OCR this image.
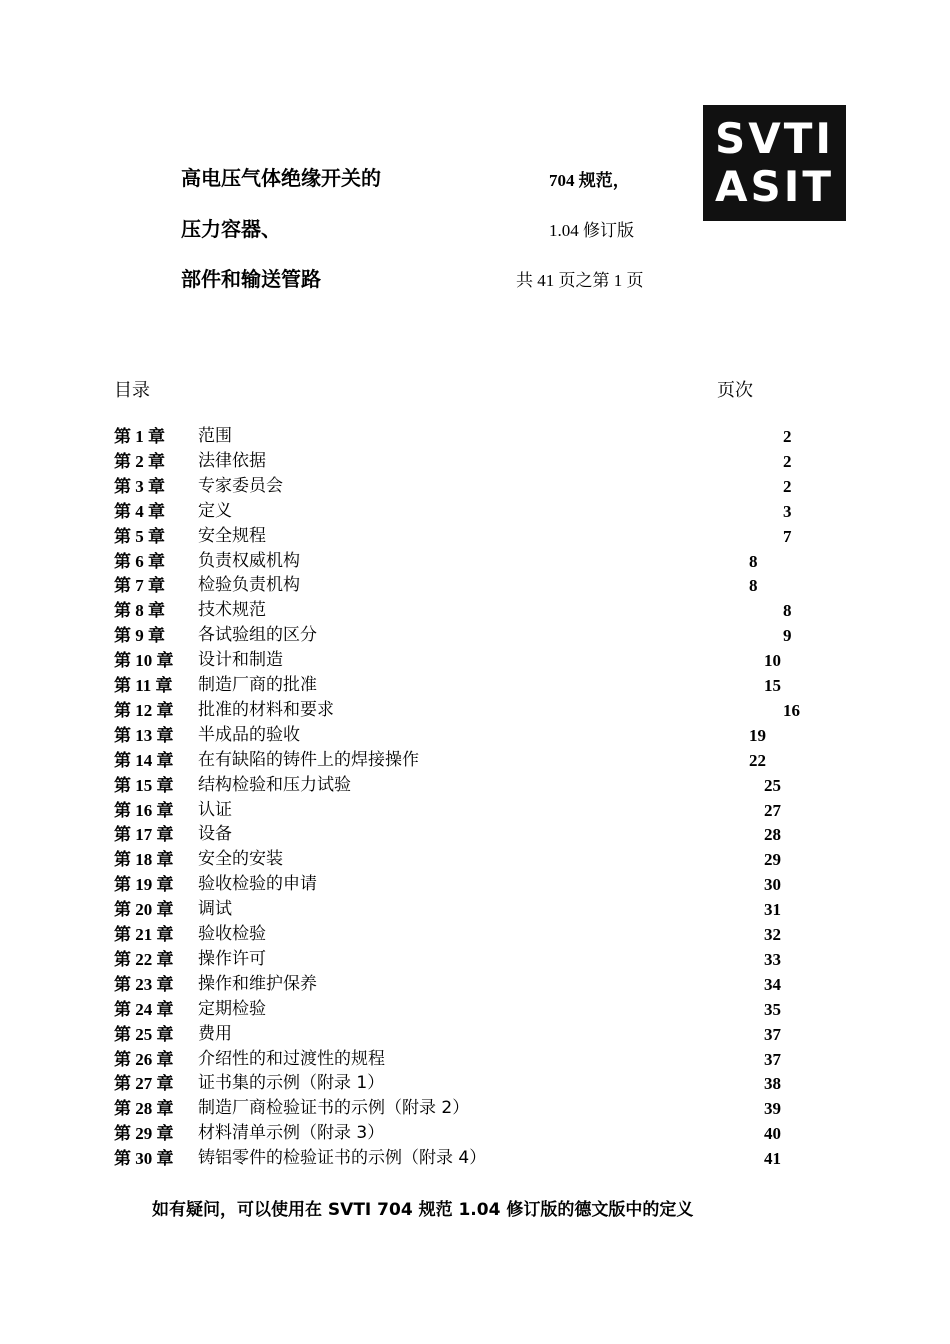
高电压气体绝缘开关的
压力容器、
部件和输送管路
704 规范，
1.04 修订版
共 41 页之第 1 页
SVTI
ASIT
目录	页次
第 1 章 范围	2
第 2 章 法律依据	2
第 3 章 专家委员会	2
第 4 章 定义	3
第 5 章 安全规程	7
第 6 章 负责权威机构	8
第 7 章 检验负责机构	8
第 8 章 技术规范	8
第 9 章 各试验组的区分	9
第 10 章 设计和制造	10
第 11 章 制造厂商的批准	15
第 12 章 批准的材料和要求	16
第 13 章 半成品的验收	19
第 14 章 在有缺陷的铸件上的焊接操作	22
第 15 章 结构检验和压力试验	25
第 16 章 认证	27
第 17 章 设备	28
第 18 章 安全的安装	29
第 19 章 验收检验的申请	30
第 20 章 调试	31
第 21 章 验收检验	32
第 22 章 操作许可	33
第 23 章 操作和维护保养	34
第 24 章 定期检验	35
第 25 章 费用	37
第 26 章 介绍性的和过渡性的规程	37
第 27 章 证书集的示例（附录 1）	38
第 28 章 制造厂商检验证书的示例（附录 2）	39
第 29 章 材料清单示例（附录 3）	40
第 30 章 铸铝零件的检验证书的示例（附录 4）	41
如有疑问，可以使用在 SVTI 704 规范 1.04 修订版的德文版中的定义
